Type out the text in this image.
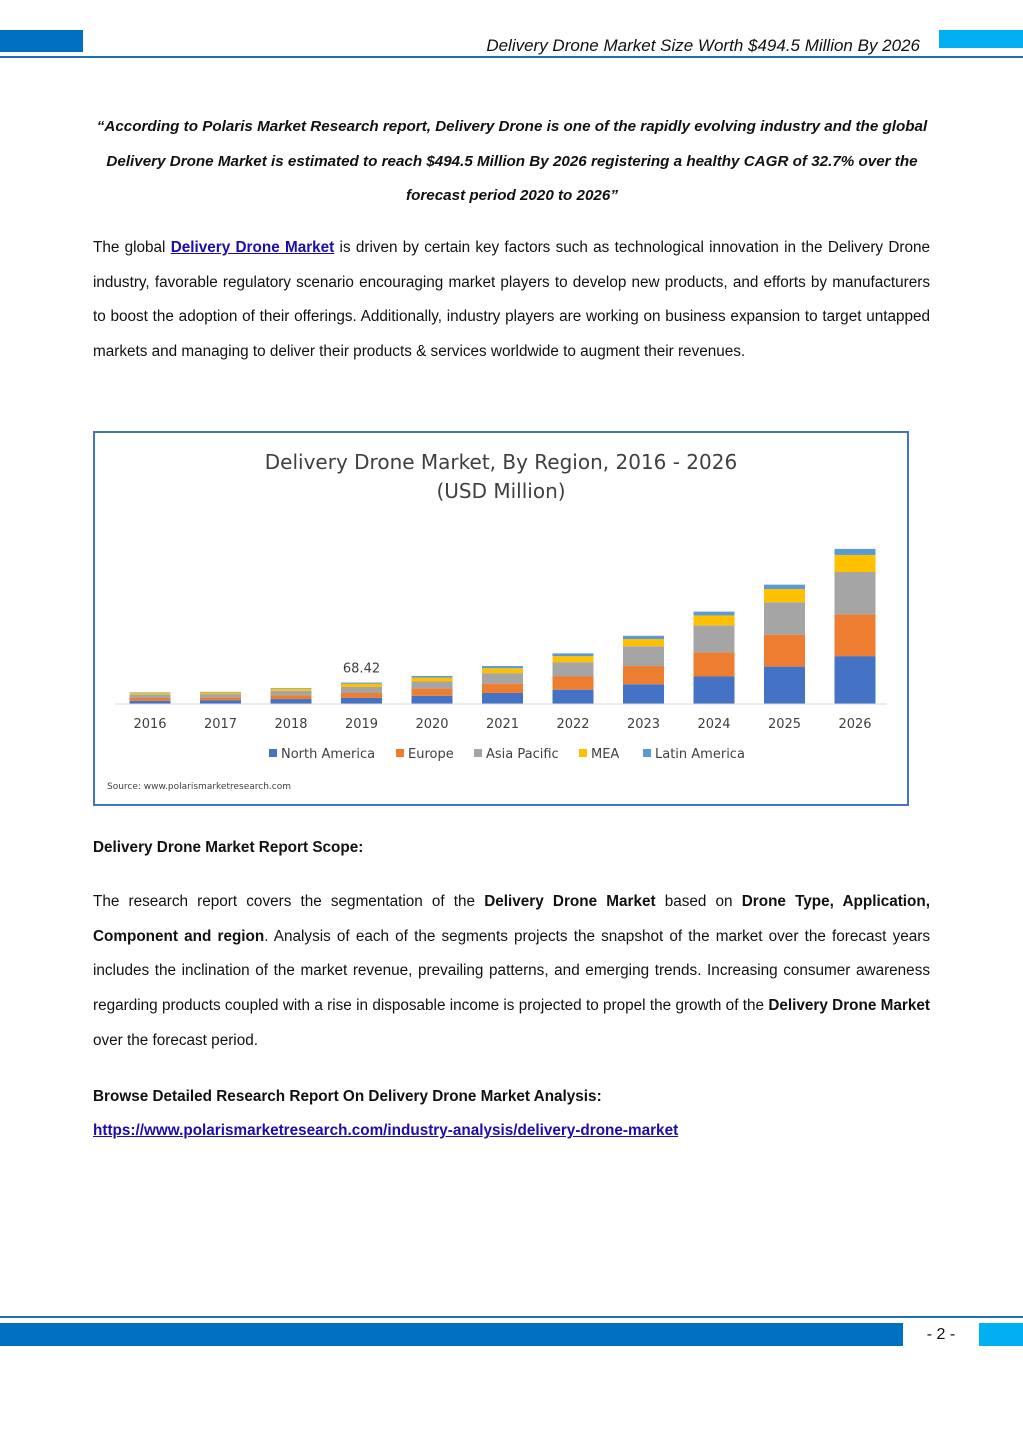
Delivery Drone Market Size Worth $494.5 Million By 2026
“According to Polaris Market Research report, Delivery Drone is one of the rapidly evolving industry and the global Delivery Drone Market is estimated to reach $494.5 Million By 2026 registering a healthy CAGR of 32.7% over the forecast period 2020 to 2026”
The global Delivery Drone Market is driven by certain key factors such as technological innovation in the Delivery Drone industry, favorable regulatory scenario encouraging market players to develop new products, and efforts by manufacturers to boost the adoption of their offerings. Additionally, industry players are working on business expansion to target untapped markets and managing to deliver their products & services worldwide to augment their revenues.
Delivery Drone Market, By Region, 2016 - 2026
(USD Million)
2016	2017	2018	2019	2020	2021	2022	2023	2024	2025	2026
68.42
North America	Europe Asia Pacific MEA	Latin America
Source: www.polarismarketresearch.com
Delivery Drone Market Report Scope:
The research report covers the segmentation of the Delivery Drone Market based on Drone Type, Application, Component and region. Analysis of each of the segments projects the snapshot of the market over the forecast years includes the inclination of the market revenue, prevailing patterns, and emerging trends. Increasing consumer awareness regarding products coupled with a rise in disposable income is projected to propel the growth of the Delivery Drone Market over the forecast period.
Browse Detailed Research Report On Delivery Drone Market Analysis:
https://www.polarismarketresearch.com/industry-analysis/delivery-drone-market
- 2 -
